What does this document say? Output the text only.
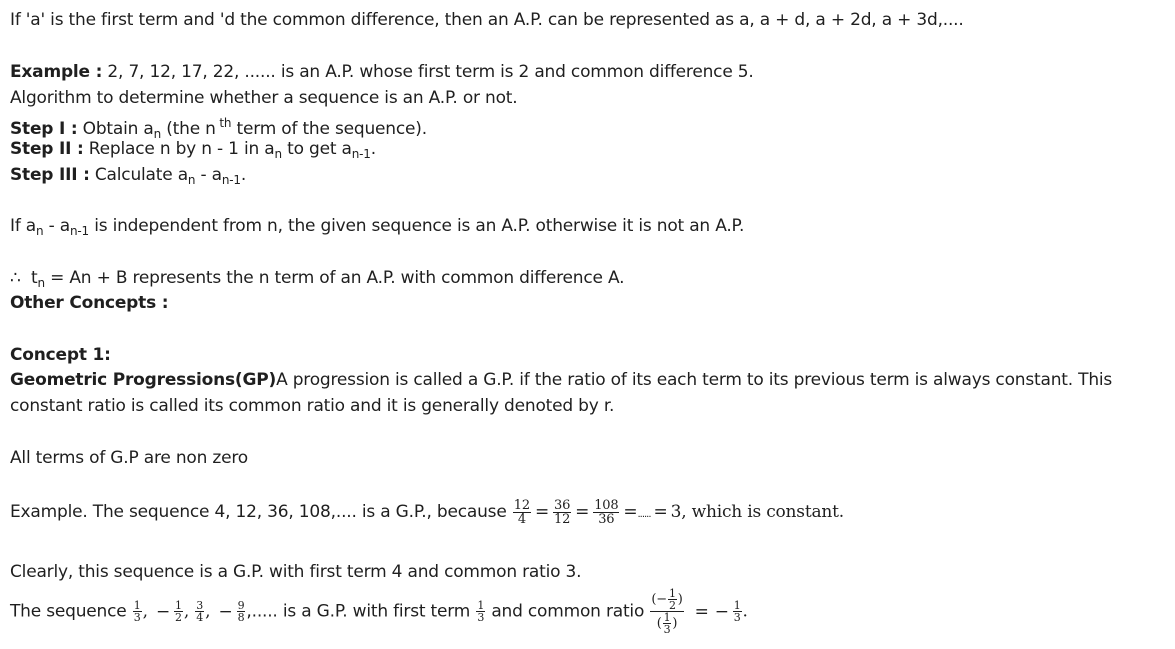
If 'a' is the first term and 'd the common difference, then an A.P. can be represented as a, a + d, a + 2d, a + 3d,....
Example : 2, 7, 12, 17, 22, ...... is an A.P. whose first term is 2 and common difference 5.
Algorithm to determine whether a sequence is an A.P. or not.
Step I : Obtain $a_n$ (the n $^{th}$ term of the sequence).
Step II : Replace n by n - 1 in $a_n$ to get $a_{n-1}$.
Step III : Calculate $a_n - a_{n-1}$.
If $a_n - a_{n-1}$ is independent from n, the given sequence is an A.P. otherwise it is not an A.P.
∴  $t_n = An + B$ represents the n term of an A.P. with common difference A.
Other Concepts :
Concept 1:
Geometric Progressions(GP)A progression is called a G.P. if the ratio of its each term to its previous term is always constant. This constant ratio is called its common ratio and it is generally denoted by r.
All terms of G.P are non zero
Example. The sequence 4, 12, 36, 108,.... is a G.P., because $\frac{12}{4} = \frac{36}{12} = \frac{108}{36}$ =...... = 3, which is constant.
Clearly, this sequence is a G.P. with first term 4 and common ratio 3.
The sequence $\frac{1}{3}$ , − $\frac{1}{2}$ , $\frac{3}{4}$ , − $\frac{9}{8}$ ,..... is a G.P. with first term $\frac{1}{3}$ and common ratio $\frac{(- \frac{1}{2} )}{( \frac{1}{3} )}$ = − $\frac{1}{3}$ .
